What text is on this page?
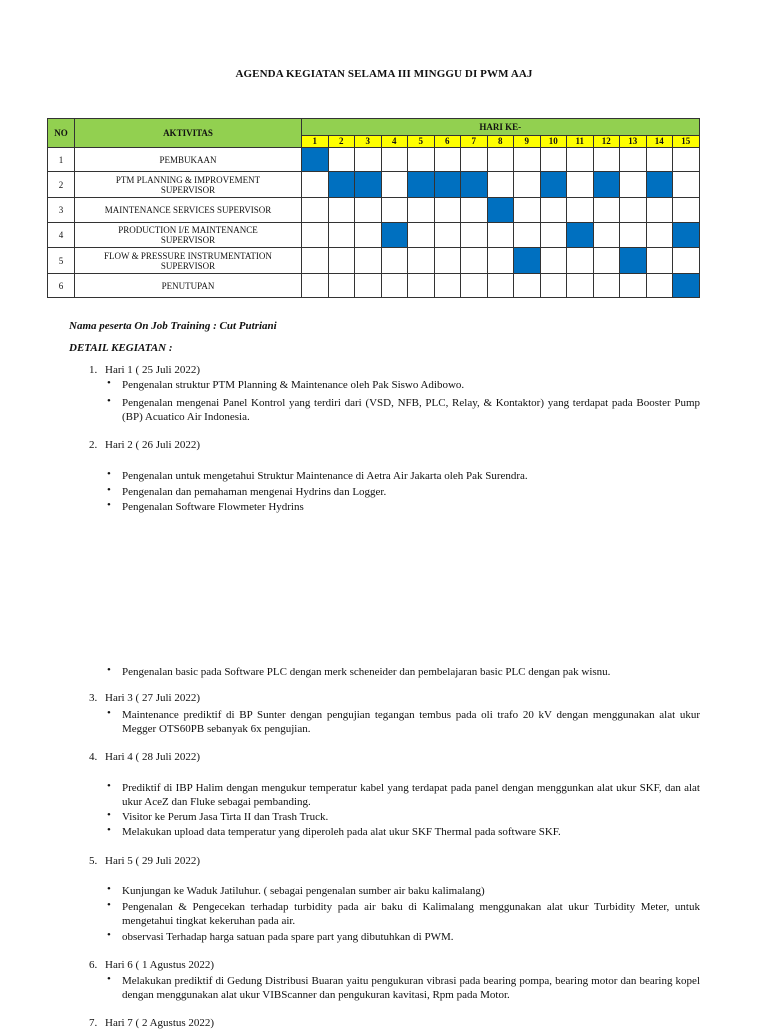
AGENDA KEGIATAN SELAMA III MINGGU DI PWM AAJ
NO	AKTIVITAS	HARI KE-														
		1	2	3	4	5	6	7	8	9	10	11	12	13	14	15
1	PEMBUKAAN															
2	PTM PLANNING & IMPROVEMENT SUPERVISOR															
3	MAINTENANCE SERVICES SUPERVISOR															
4	PRODUCTION I/E MAINTENANCE SUPERVISOR															
5	FLOW & PRESSURE INSTRUMENTATION SUPERVISOR															
6	PENUTUPAN															
Nama peserta On Job Training : Cut Putriani
DETAIL KEGIATAN :
1. Hari 1 ( 25 Juli 2022)
•	Pengenalan struktur PTM Planning & Maintenance oleh Pak Siswo Adibowo.
•	Pengenalan mengenai Panel Kontrol yang terdiri dari (VSD, NFB, PLC, Relay, & Kontaktor) yang terdapat pada Booster Pump (BP) Acuatico Air Indonesia.
2. Hari 2 ( 26 Juli 2022)
•	Pengenalan untuk mengetahui Struktur Maintenance di Aetra Air Jakarta oleh Pak Surendra.
•	Pengenalan dan pemahaman mengenai Hydrins dan Logger.
•	Pengenalan Software Flowmeter Hydrins
•	Pengenalan basic pada Software PLC dengan merk scheneider dan pembelajaran basic PLC dengan pak wisnu.
3. Hari 3 ( 27 Juli 2022)
•	Maintenance prediktif di BP Sunter dengan pengujian tegangan tembus pada oli trafo 20 kV dengan menggunakan alat ukur Megger OTS60PB sebanyak 6x pengujian.
4. Hari 4 ( 28 Juli 2022)
•	Prediktif di IBP Halim dengan mengukur temperatur kabel yang terdapat pada panel dengan menggunkan alat ukur SKF, dan alat ukur AceZ dan Fluke sebagai pembanding.
•	Visitor ke Perum Jasa Tirta II dan Trash Truck.
•	Melakukan upload data temperatur yang diperoleh pada alat ukur SKF Thermal pada software SKF.
5. Hari 5 ( 29 Juli 2022)
•	Kunjungan ke Waduk Jatiluhur. ( sebagai pengenalan sumber air baku kalimalang)
•	Pengenalan & Pengecekan terhadap turbidity pada air baku di Kalimalang menggunakan alat ukur Turbidity Meter, untuk mengetahui tingkat kekeruhan pada air.
•	observasi Terhadap harga satuan pada spare part yang dibutuhkan di PWM.
6. Hari 6 ( 1 Agustus 2022)
•	Melakukan prediktif di Gedung Distribusi Buaran yaitu pengukuran vibrasi pada bearing pompa, bearing motor dan bearing kopel dengan menggunakan alat ukur VIBScanner dan pengukuran kavitasi, Rpm pada Motor.
7. Hari 7 ( 2 Agustus 2022)
